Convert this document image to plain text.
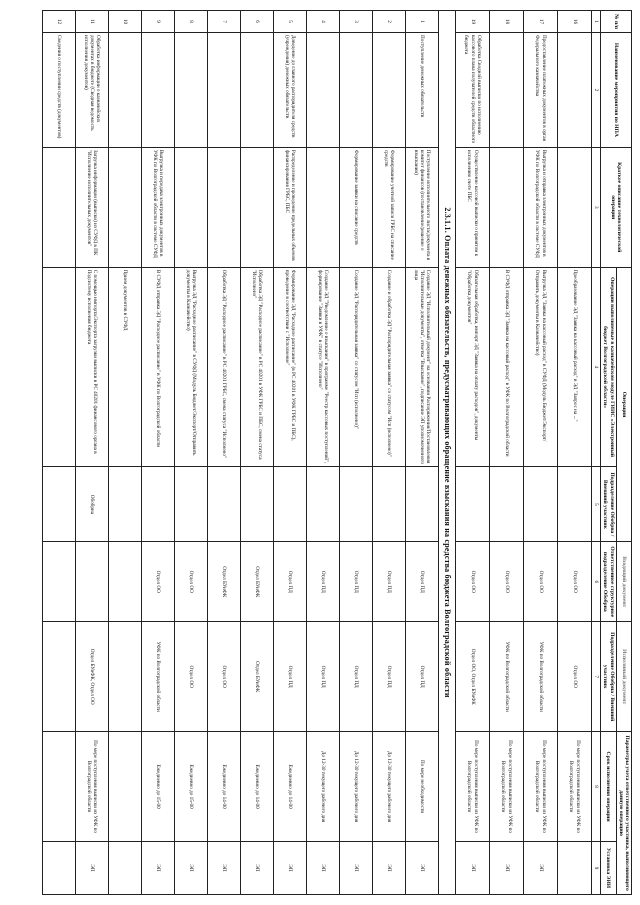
№ п/п	Наименование мероприятия по НПА	Краткое описание технологической операции	Операции		Входящий документ	Исполнный документ	Параметры учета ответственного участника, выполняющего данную операцию	
			Операции выполняемые в казначейском модуле ГИИС «Электронный бюджет Волгоградской области»	Подразделение Обобрна / Внешний участник	Ответственное структурное подразделение Обобрна	Подразделение Обобрна / Внешний участник	Срок исполнения операции	Установка ЭИИ
1	2	3	4	5	6	7	8	9
16			Преобразование ЭД "Заявка на кассовый расход" в ЭД "Запрос на ..."		Отдел ОО	Отдел ОО	По мере поступления выписки из УФК по Волгоградской области	
17	Предоставление платежных документов в орган Федерального казначейства	Выгрузка и отправка электронных документов в УФК по Волгоградской области в системе СУФД	Выгрузка ЭД "Заявка на кассовый расход" в СУФД (Модуль Бюджет/Экспорт/Отправить документы в Казначейство)		Отдел ОО	УФК по Волгоградской области	По мере поступления выписки из УФК по Волгоградской области	ЭП
18			В СУФД отправка ЭД "Заявка на кассовый расход" в УФК по Волгоградской области		Отдел ОО	УФК по Волгоградской области	По мере поступления выписки из УФК по Волгоградской области	ЭП
19	Обработка Сводной выписки по исполнению кассового плана получателей средств областного бюджета	Осуществление кассовой выписки о принятом к исполнению счете ПБС	Обязательная обработка, импорт ЭД "Заявка на оплату расходов", документы "Обработка документов"		Отдел ОО	Отдел ОО, Отдел БУиФК	По мере поступления выписки из УФК по Волгоградской области	ЭП
2.3.1.1. Оплата денежных обязательств, предусматривающих обращение взыскания на средства бюджета Волгоградской области								
1	Поступление денежных обязательств	Поступление исполнительного листа/документа в комитет финансов (постановление/решение о взыскании)	Создание ЭД "Исполнительный документ" на основании Распоряжения/Постановления "Исполнительные документы", отметка "Взыскание", подписание ЭП уполномоченного лица		Отдел ПД	Отдел ПД	По мере необходимости	ЭП
2		Формирование учетной записи ГРБС на списание средств	Создание и обработка ЭД "Распорядительная заявка" со статусом "Исп (исполнено)"		Отдел ПД	Отдел ПД	До 12-30 текущего рабочего дня	ЭП
3		Формирование заявки на списание средств	Создание ЭД "Распорядительная заявка" со статусом "Исп (исполнено)"		Отдел ПД	Отдел ПД	До 12-30 текущего рабочего дня	ЭП
4			Создание ЭД "Уведомление о взыскании" в программе "Реестр кассовых поступлений", формирование "Заявки в УФК" в статусе "Исполнено"		Отдел ПД	Отдел ПД	До 12-30 текущего рабочего дня	ЭП
5	Доведение до главного распорядителя средств (учреждения) денежных обязательств	Распределение и проведение предельных объемов финансирования ГРБС, ПБС	Формирование ЭД "Расходное расписание" (в РС 40201 в УФК ГРБС и ПБС), проведение в соответствии с "Исполнение"		Отдел ПД	Отдел ПД	Ежедневно до 14-00	ЭП
6			Обработка ЭД "Расходное расписание" в РС 40201 в УФК ГРБС и ПБС, смена статуса "Исполнено"		Отдел БУиФК	Отдел БУиФК	Ежедневно до 14-00	ЭП
7			Обработка ЭД "Расходное расписание" в РС 40201 ГРБС, смена статуса "Исполнено"		Отдел БУиФК	Отдел ОО	Ежедневно до 14-00	ЭП
8			Выгрузка ЭД "Расходное расписание" в СУФД (Модуль Бюджет/Экспорт/Отправить документы в Казначейство)		Отдел ОО	Отдел ОО	Ежедневно до 15-00	ЭП
9		Выгрузка и передача электронных документов в УФК по Волгоградской области в системе СУФД	В СУФД отправка ЭД "Расходное расписание" в УФК по Волгоградской области		Отдел ОО	УФК по Волгоградской области	Ежедневно до 15-00	ЭП
10			Прием документов в СУФД					
11	Обработка информации о казначейских документах в бюджете (Сводная ведомость исполнения документов)	Загрузка информации (выписки) из СУФД в ПК "Исполнение исполнительных документов"	С помощью импорта/Экспорта загрузки выписки в РС 40201 финансового органа в Подсистему исполнения бюджета	Обобрна		Отдел БУиФК, Отдел ОО	По мере поступления выписки из УФК по Волгоградской области	ЭП
12	Сведения о поступлении средств (документов)							
